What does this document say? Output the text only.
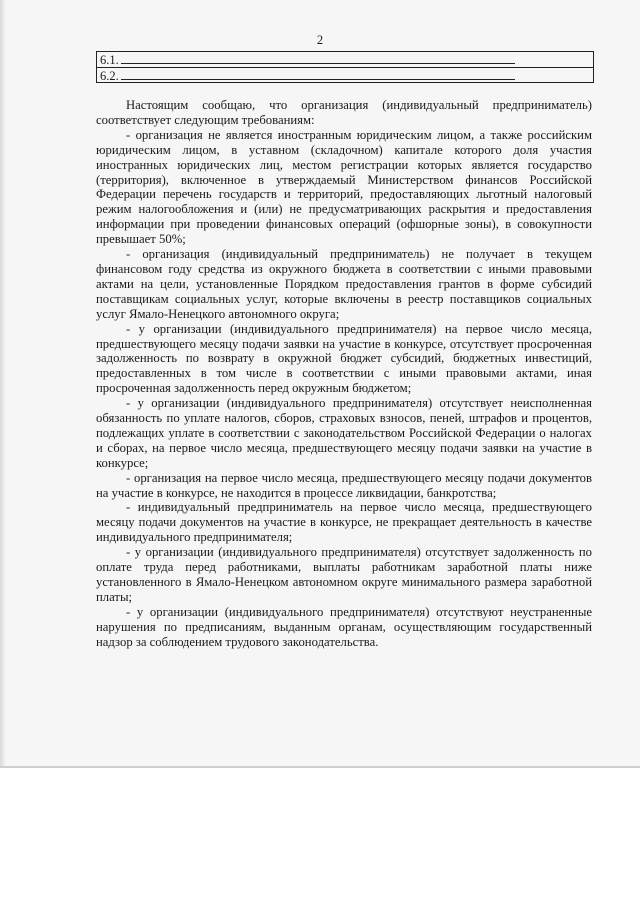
2
6.1.
6.2.

Настоящим сообщаю, что организация (индивидуальный предприниматель) соответствует следующим требованиям:

- организация не является иностранным юридическим лицом, а также российским юридическим лицом, в уставном (складочном) капитале которого доля участия иностранных юридических лиц, местом регистрации которых является государство (территория), включенное в утверждаемый Министерством финансов Российской Федерации перечень государств и территорий, предоставляющих льготный налоговый режим налогообложения и (или) не предусматривающих раскрытия и предоставления информации при проведении финансовых операций (офшорные зоны), в совокупности превышает 50%;

- организация (индивидуальный предприниматель) не получает в текущем финансовом году средства из окружного бюджета в соответствии с иными правовыми актами на цели, установленные Порядком предоставления грантов в форме субсидий поставщикам социальных услуг, которые включены в реестр поставщиков социальных услуг Ямало-Ненецкого автономного округа;

- у организации (индивидуального предпринимателя) на первое число месяца, предшествующего месяцу подачи заявки на участие в конкурсе, отсутствует просроченная задолженность по возврату в окружной бюджет субсидий, бюджетных инвестиций, предоставленных в том числе в соответствии с иными правовыми актами, иная просроченная задолженность перед окружным бюджетом;

- у организации (индивидуального предпринимателя) отсутствует неисполненная обязанность по уплате налогов, сборов, страховых взносов, пеней, штрафов и процентов, подлежащих уплате в соответствии с законодательством Российской Федерации о налогах и сборах, на первое число месяца, предшествующего месяцу подачи заявки на участие в конкурсе;

- организация на первое число месяца, предшествующего месяцу подачи документов на участие в конкурсе, не находится в процессе ликвидации, банкротства;

- индивидуальный предприниматель на первое число месяца, предшествующего месяцу подачи документов на участие в конкурсе, не прекращает деятельность в качестве индивидуального предпринимателя;

- у организации (индивидуального предпринимателя) отсутствует задолженность по оплате труда перед работниками, выплаты работникам заработной платы ниже установленного в Ямало-Ненецком автономном округе минимального размера заработной платы;

- у организации (индивидуального предпринимателя) отсутствуют неустраненные нарушения по предписаниям, выданным органам, осуществляющим государственный надзор за соблюдением трудового законодательства.
